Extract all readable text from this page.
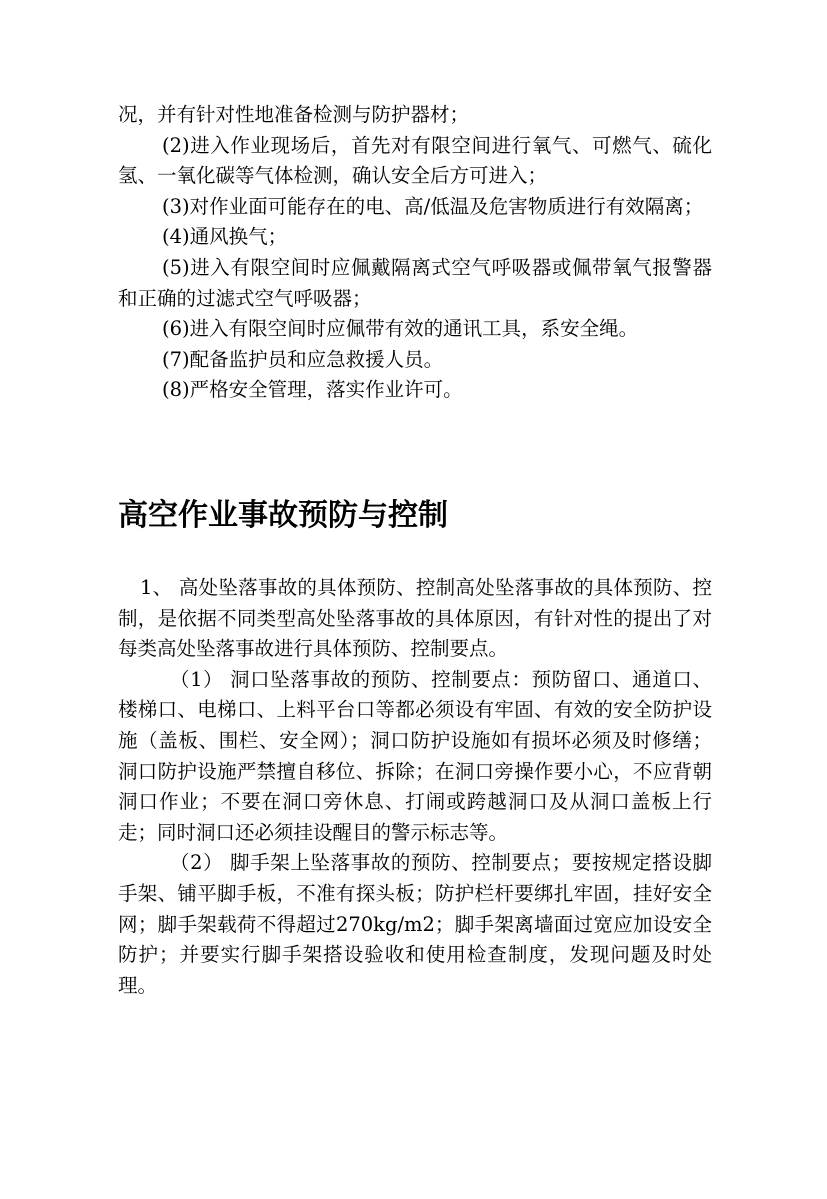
况，并有针对性地准备检测与防护器材；

(2)进入作业现场后，首先对有限空间进行氧气、可燃气、硫化氢、一氧化碳等气体检测，确认安全后方可进入；

(3)对作业面可能存在的电、高/低温及危害物质进行有效隔离；

(4)通风换气；

(5)进入有限空间时应佩戴隔离式空气呼吸器或佩带氧气报警器和正确的过滤式空气呼吸器；

(6)进入有限空间时应佩带有效的通讯工具，系安全绳。

(7)配备监护员和应急救援人员。

(8)严格安全管理，落实作业许可。

高空作业事故预防与控制

1、 高处坠落事故的具体预防、控制高处坠落事故的具体预防、控制，是依据不同类型高处坠落事故的具体原因，有针对性的提出了对每类高处坠落事故进行具体预防、控制要点。

（1） 洞口坠落事故的预防、控制要点：预防留口、通道口、楼梯口、电梯口、上料平台口等都必须设有牢固、有效的安全防护设施（盖板、围栏、安全网）；洞口防护设施如有损坏必须及时修缮；洞口防护设施严禁擅自移位、拆除；在洞口旁操作要小心，不应背朝洞口作业；不要在洞口旁休息、打闹或跨越洞口及从洞口盖板上行走；同时洞口还必须挂设醒目的警示标志等。

（2） 脚手架上坠落事故的预防、控制要点；要按规定搭设脚手架、铺平脚手板，不准有探头板；防护栏杆要绑扎牢固，挂好安全网；脚手架载荷不得超过270kg/m2；脚手架离墙面过宽应加设安全防护；并要实行脚手架搭设验收和使用检查制度，发现问题及时处理。
